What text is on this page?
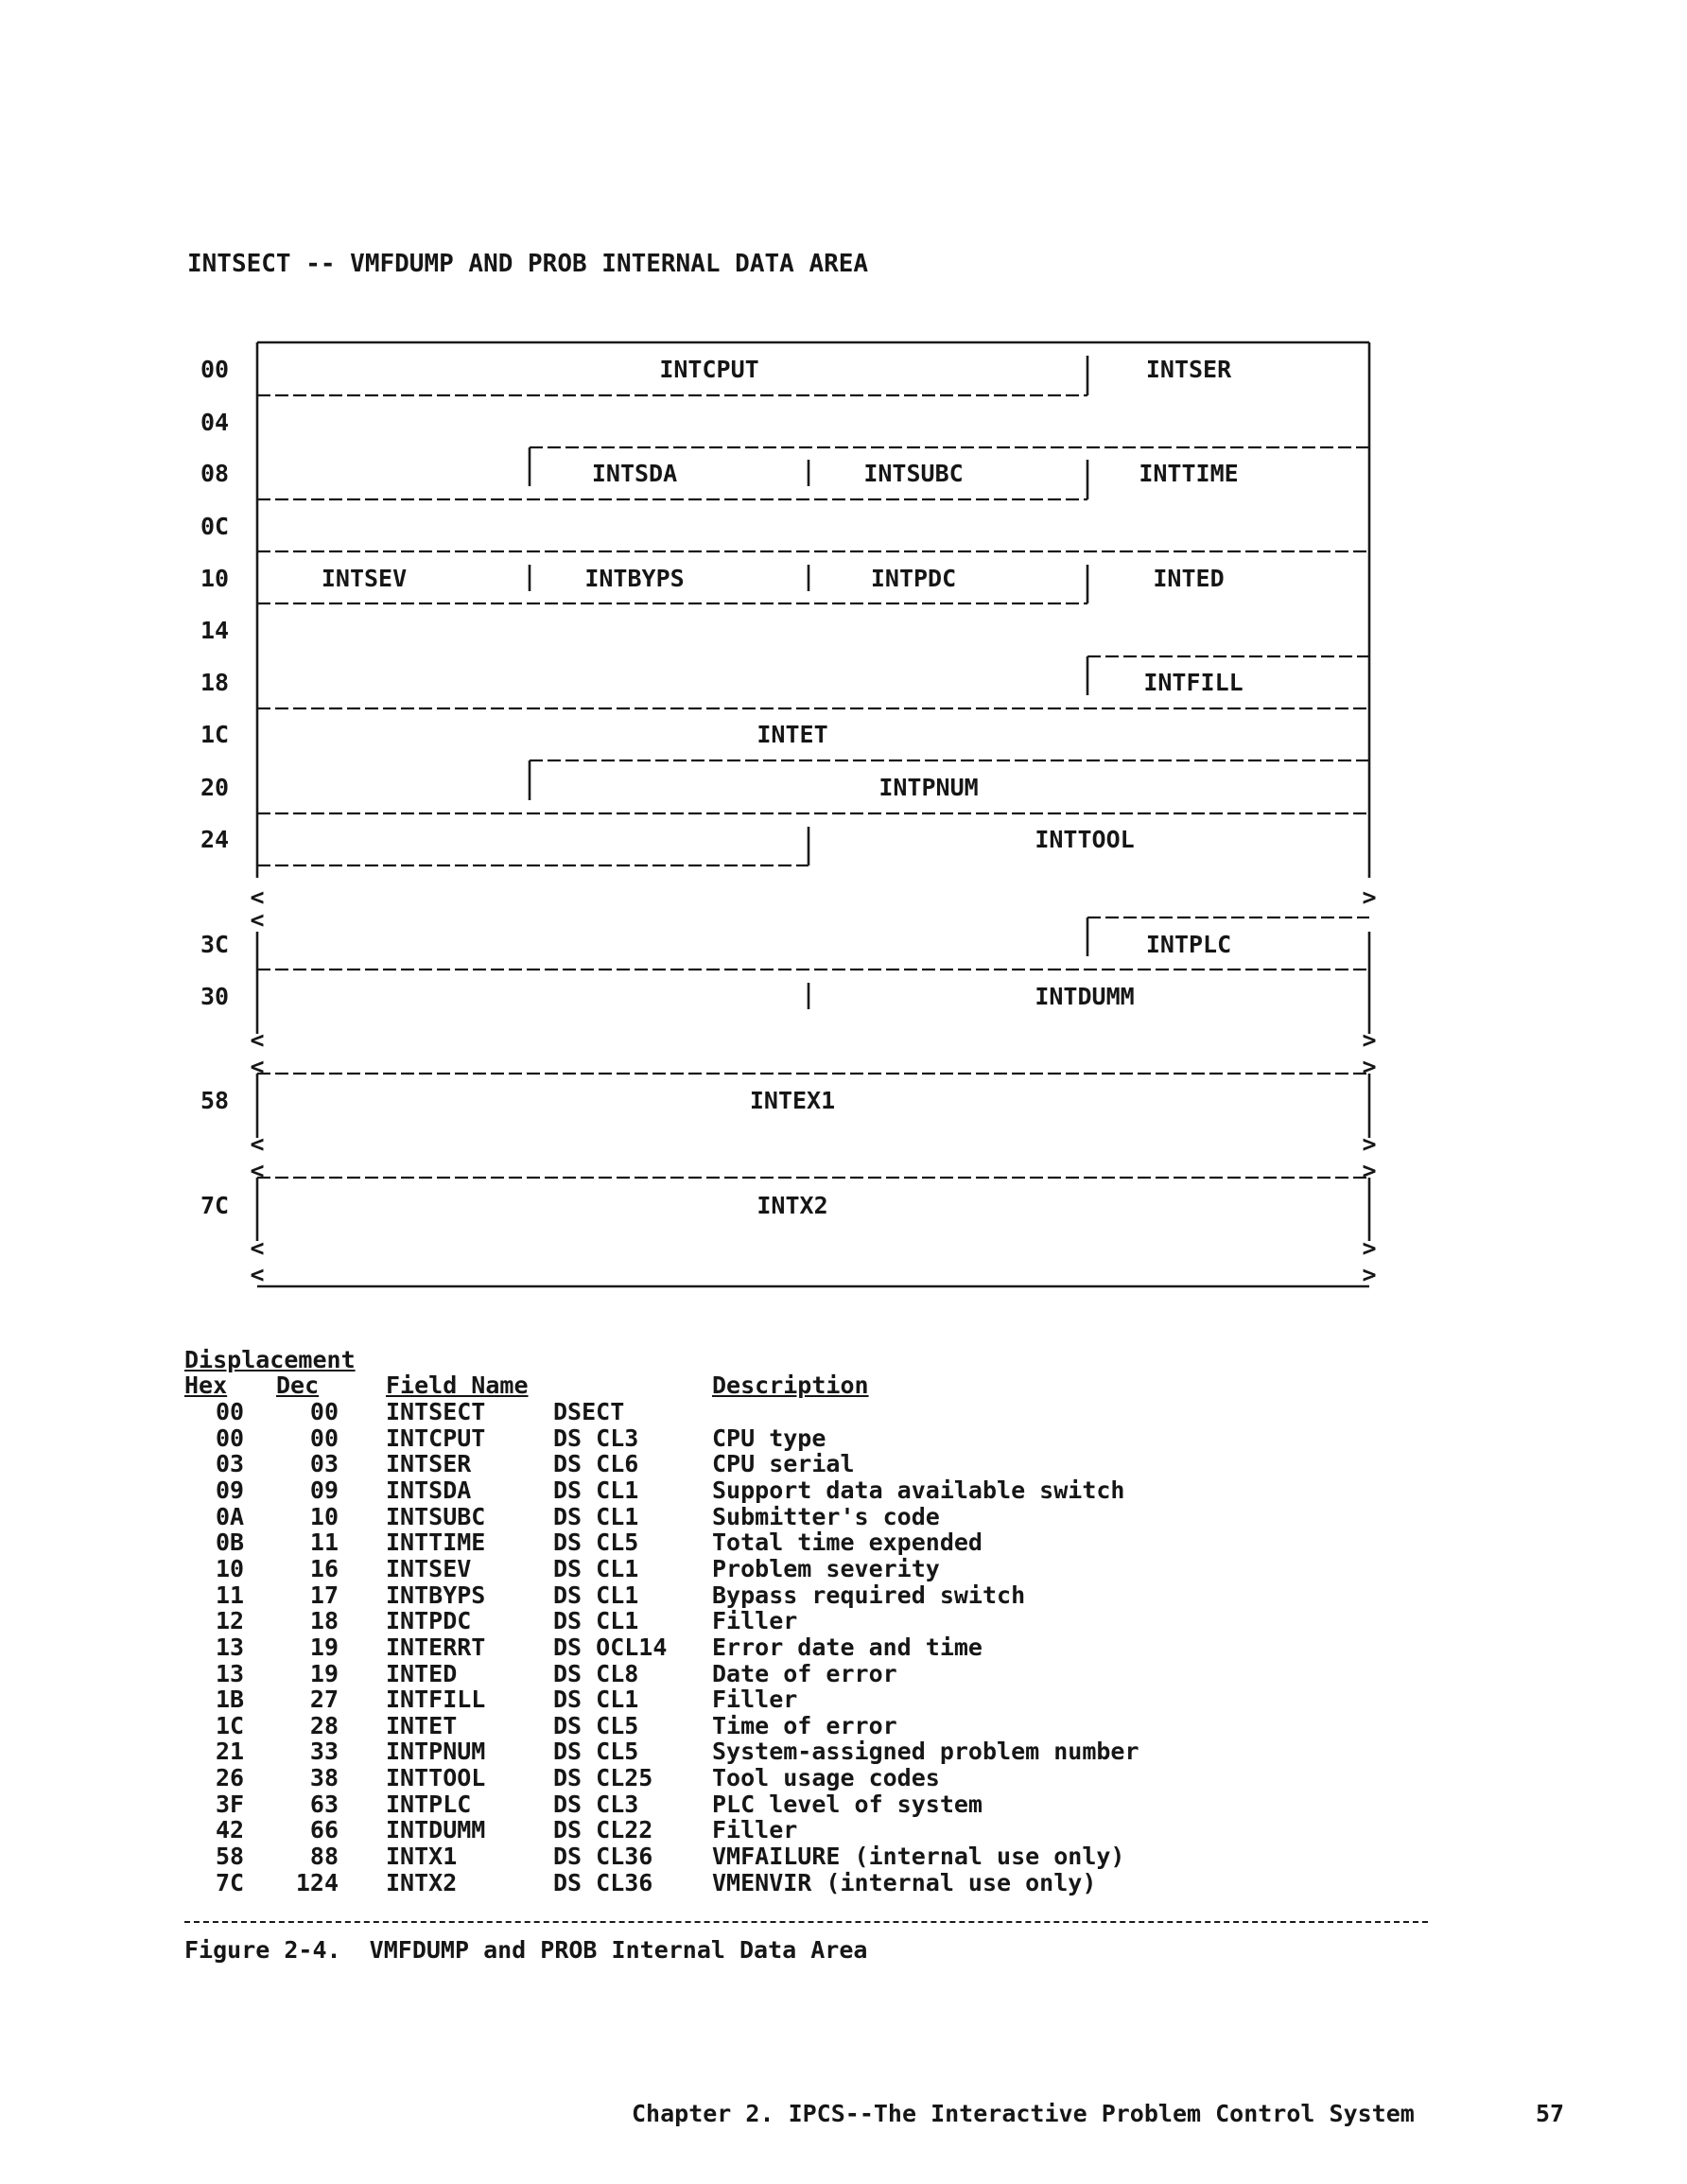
INTSECT -- VMFDUMP AND PROB INTERNAL DATA AREA
00
04
08
0C
10
14
18
1C
20
24
3C
30
58
7C
INTCPUT	INTSER
INTSDA	INTSUBC	INTTIME
INTSEV	INTBYPS	INTPDC	INTED
INTFILL
INTET
INTPNUM
INTTOOL
INTPLC
INTDUMM
INTEX1
INTX2
<
<
>
<
<
>
>
<
<
>
>
<
<
>
>
Displacement
Hex Dec	Field Name	Description
00	00 INTSECT	DSECT
00	00 INTCPUT	DS CL3	CPU type
03	03 INTSER	DS CL6	CPU serial
09	09 INTSDA	DS CL1	Support data available switch
0A	10 INTSUBC	DS CL1	Submitter's code
0B	11 INTTIME	DS CL5	Total time expended
10	16 INTSEV	DS CL1	Problem severity
11	17 INTBYPS	DS CL1	Bypass required switch
12	18 INTPDC	DS CL1	Filler
13	19 INTERRT	DS OCL14 Error date and time
13	19 INTED	DS CL8	Date of error
1B	27 INTFILL	DS CL1	Filler
1C	28 INTET	DS CL5	Time of error
21	33 INTPNUM	DS CL5	System-assigned problem number
26	38 INTTOOL	DS CL25	Tool usage codes
3F	63 INTPLC	DS CL3	PLC level of system
42	66 INTDUMM	DS CL22	Filler
58	88 INTX1	DS CL36	VMFAILURE (internal use only)
7C	124 INTX2	DS CL36	VMENVIR (internal use only)
Figure 2-4.  VMFDUMP and PROB Internal Data Area
Chapter 2. IPCS--The Interactive Problem Control System	57
